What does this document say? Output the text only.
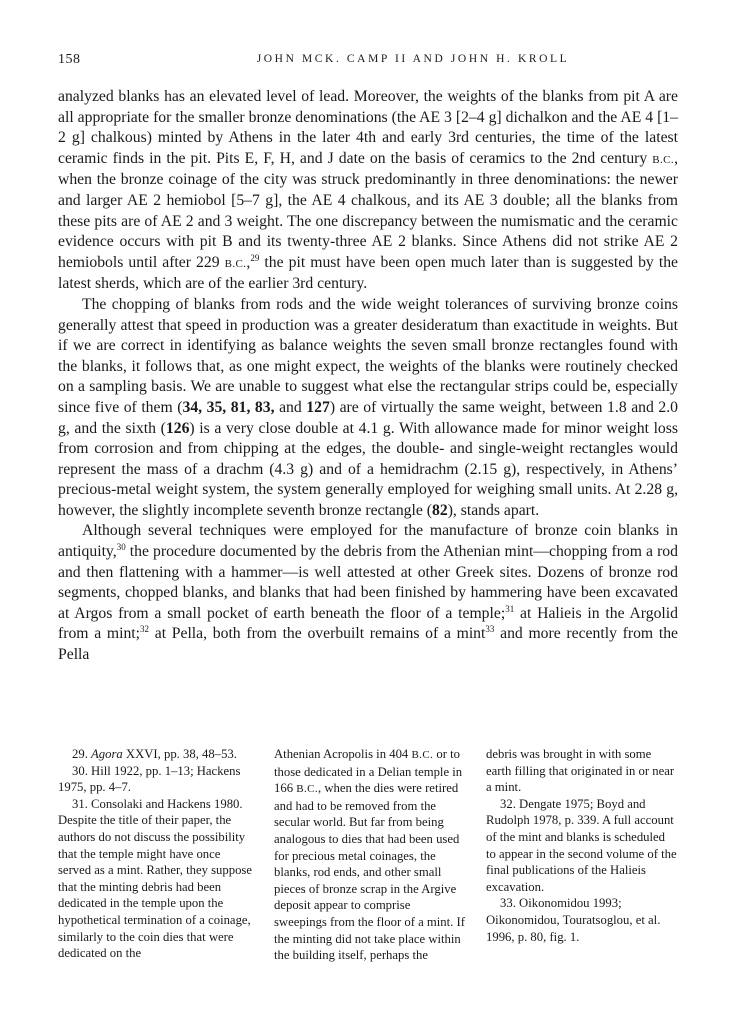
158	JOHN MCK. CAMP II AND JOHN H. KROLL

analyzed blanks has an elevated level of lead. Moreover, the weights of the blanks from pit A are all appropriate for the smaller bronze denominations (the AE 3 [2–4 g] dichalkon and the AE 4 [1–2 g] chalkous) minted by Athens in the later 4th and early 3rd centuries, the time of the latest ceramic finds in the pit. Pits E, F, H, and J date on the basis of ceramics to the 2nd century B.C., when the bronze coinage of the city was struck predominantly in three denominations: the newer and larger AE 2 hemiobol [5–7 g], the AE 4 chalkous, and its AE 3 double; all the blanks from these pits are of AE 2 and 3 weight. The one discrepancy between the numismatic and the ceramic evidence occurs with pit B and its twenty-three AE 2 blanks. Since Athens did not strike AE 2 hemiobols until after 229 B.C.,$^{29}$ the pit must have been open much later than is suggested by the latest sherds, which are of the earlier 3rd century.

The chopping of blanks from rods and the wide weight tolerances of surviving bronze coins generally attest that speed in production was a greater desideratum than exactitude in weights. But if we are correct in identifying as balance weights the seven small bronze rectangles found with the blanks, it follows that, as one might expect, the weights of the blanks were routinely checked on a sampling basis. We are unable to suggest what else the rectangular strips could be, especially since five of them (34, 35, 81, 83, and 127) are of virtually the same weight, between 1.8 and 2.0 g, and the sixth (126) is a very close double at 4.1 g. With allowance made for minor weight loss from corrosion and from chipping at the edges, the double- and single-weight rectangles would represent the mass of a drachm (4.3 g) and of a hemidrachm (2.15 g), respectively, in Athens’ precious-metal weight system, the system generally employed for weighing small units. At 2.28 g, however, the slightly incomplete seventh bronze rectangle (82), stands apart.

Although several techniques were employed for the manufacture of bronze coin blanks in antiquity,$^{30}$ the procedure documented by the debris from the Athenian mint—chopping from a rod and then flattening with a hammer—is well attested at other Greek sites. Dozens of bronze rod segments, chopped blanks, and blanks that had been finished by hammering have been excavated at Argos from a small pocket of earth beneath the floor of a temple;$^{31}$ at Halieis in the Argolid from a mint;$^{32}$ at Pella, both from the overbuilt remains of a mint$^{33}$ and more recently from the Pella

29. Agora XXVI, pp. 38, 48–53.

30. Hill 1922, pp. 1–13; Hackens 1975, pp. 4–7.

31. Consolaki and Hackens 1980. Despite the title of their paper, the authors do not discuss the possibility that the temple might have once served as a mint. Rather, they suppose that the minting debris had been dedicated in the temple upon the hypothetical termination of a coinage, similarly to the coin dies that were dedicated on the

Athenian Acropolis in 404 B.C. or to those dedicated in a Delian temple in 166 B.C., when the dies were retired and had to be removed from the secular world. But far from being analogous to dies that had been used for precious metal coinages, the blanks, rod ends, and other small pieces of bronze scrap in the Argive deposit appear to comprise sweepings from the floor of a mint. If the minting did not take place within the building itself, perhaps the

debris was brought in with some earth filling that originated in or near a mint.

32. Dengate 1975; Boyd and Rudolph 1978, p. 339. A full account of the mint and blanks is scheduled to appear in the second volume of the final publications of the Halieis excavation.

33. Oikonomidou 1993; Oikonomidou, Touratsoglou, et al. 1996, p. 80, fig. 1.
